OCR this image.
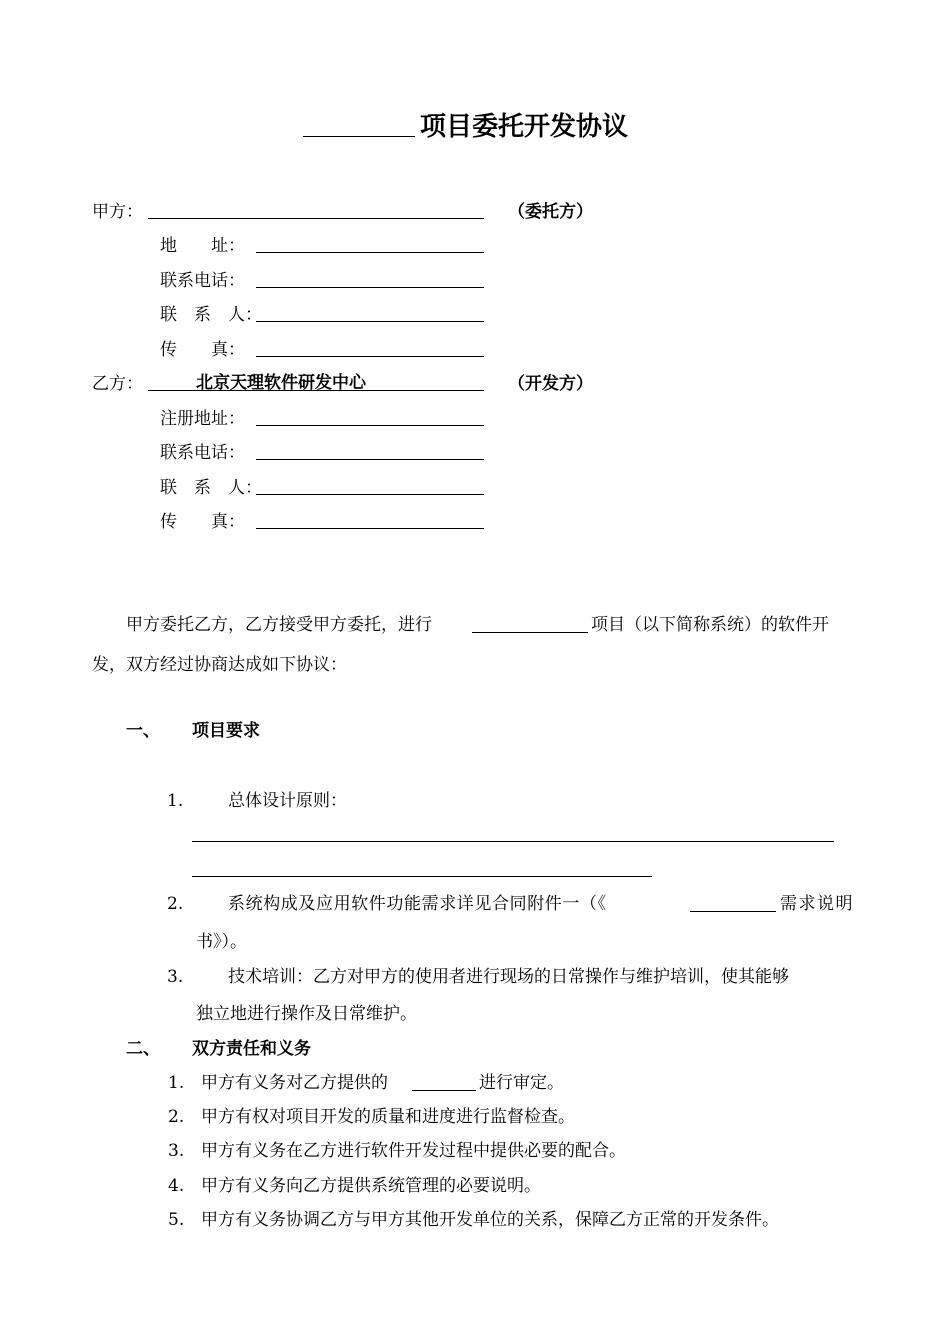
项目委托开发协议
甲方：	（委托方）
地　　址：
联系电话：
联　系　人：
传　　真：
乙方：	北京天理软件研发中心	（开发方）
注册地址：
联系电话：
联　系　人：
传　　真：
甲方委托乙方，乙方接受甲方委托，进行	项目（以下简称系统）的软件开
发，双方经过协商达成如下协议：
一、 项目要求
1.	总体设计原则：
2.	系统构成及应用软件功能需求详见合同附件一（《	需求说明
书》）。
3.	技术培训：乙方对甲方的使用者进行现场的日常操作与维护培训，使其能够
独立地进行操作及日常维护。
二、 双方责任和义务
1. 甲方有义务对乙方提供的	进行审定。
2. 甲方有权对项目开发的质量和进度进行监督检查。
3. 甲方有义务在乙方进行软件开发过程中提供必要的配合。
4. 甲方有义务向乙方提供系统管理的必要说明。
5. 甲方有义务协调乙方与甲方其他开发单位的关系，保障乙方正常的开发条件。
